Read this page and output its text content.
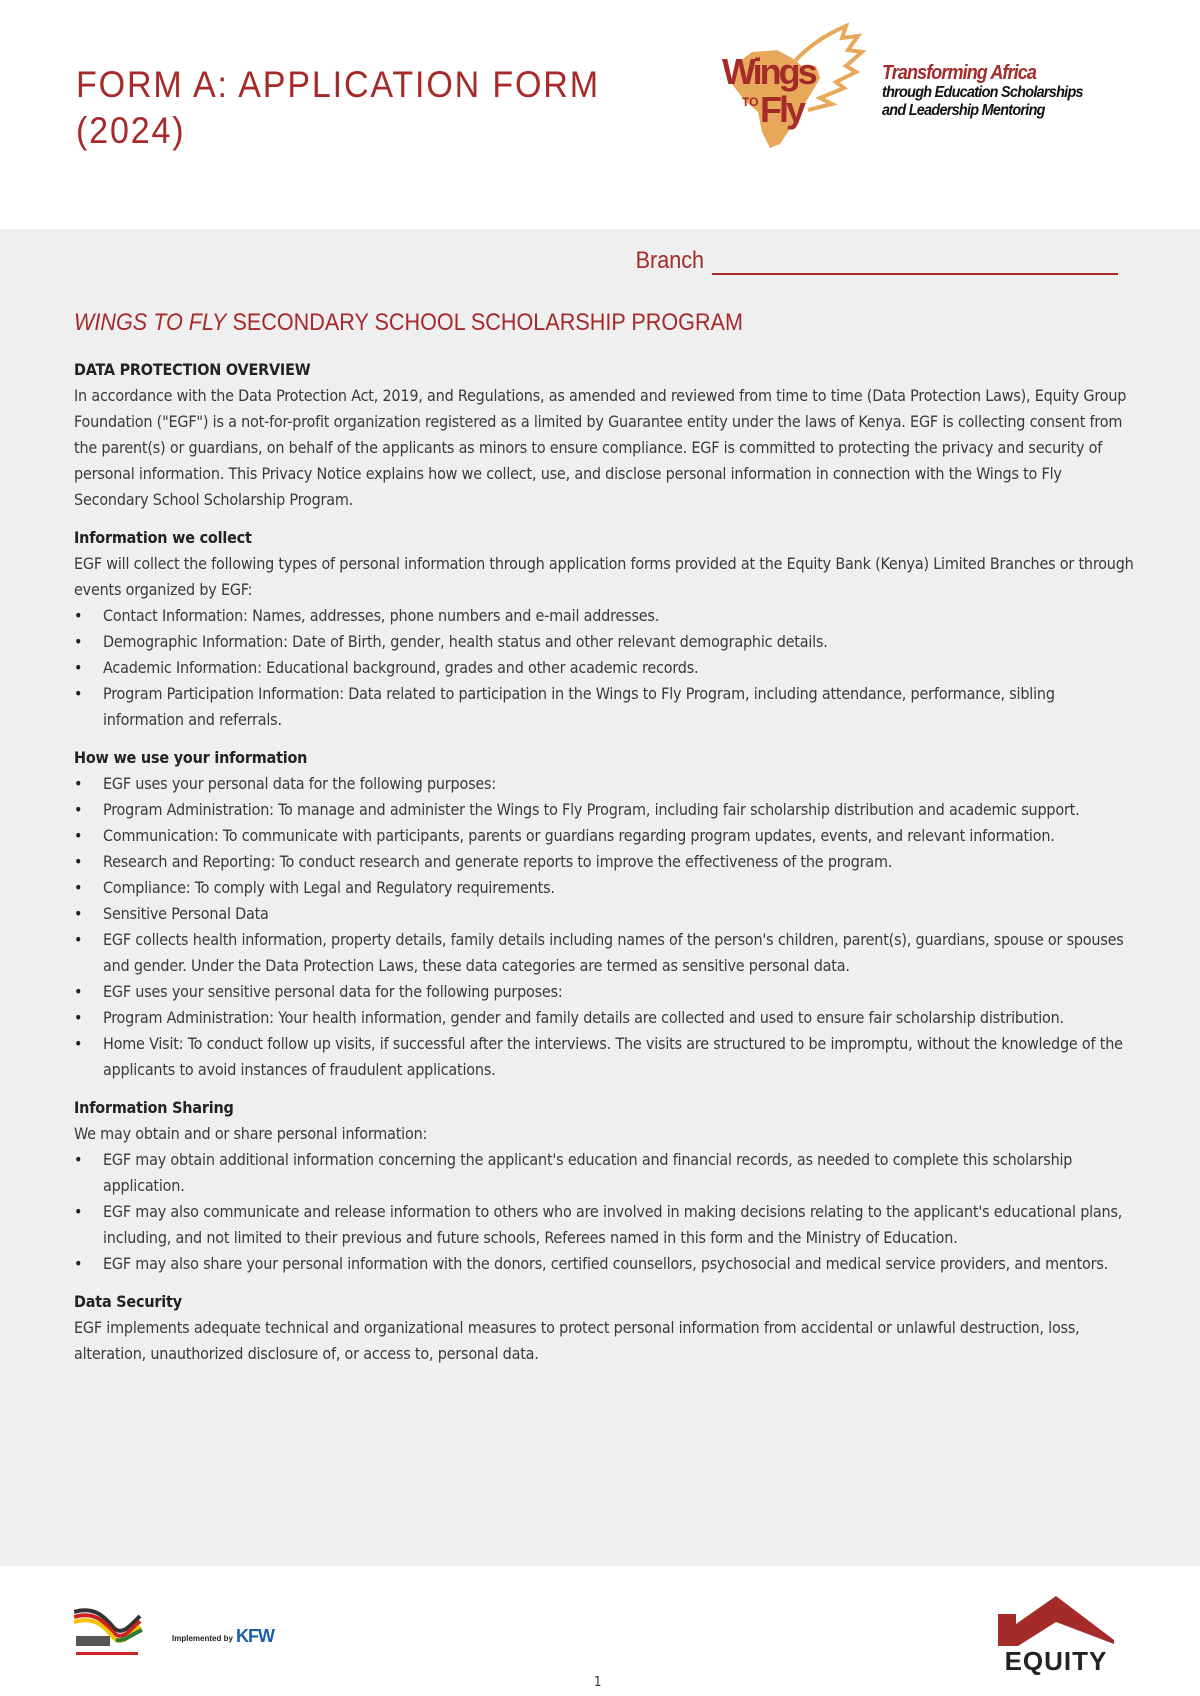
FORM A: APPLICATION FORM
(2024)
Wings
TO Fly
Transforming Africa
through Education Scholarships
and Leadership Mentoring
Branch
WINGS TO FLY SECONDARY SCHOOL SCHOLARSHIP PROGRAM
DATA PROTECTION OVERVIEW
In accordance with the Data Protection Act, 2019, and Regulations, as amended and reviewed from time to time (Data Protection Laws), Equity Group Foundation ("EGF") is a not-for-profit organization registered as a limited by Guarantee entity under the laws of Kenya. EGF is collecting consent from the parent(s) or guardians, on behalf of the applicants as minors to ensure compliance. EGF is committed to protecting the privacy and security of personal information. This Privacy Notice explains how we collect, use, and disclose personal information in connection with the Wings to Fly Secondary School Scholarship Program.
Information we collect
EGF will collect the following types of personal information through application forms provided at the Equity Bank (Kenya) Limited Branches or through events organized by EGF:
• Contact Information: Names, addresses, phone numbers and e-mail addresses.
• Demographic Information: Date of Birth, gender, health status and other relevant demographic details.
• Academic Information: Educational background, grades and other academic records.
• Program Participation Information: Data related to participation in the Wings to Fly Program, including attendance, performance, sibling information and referrals.
How we use your information
• EGF uses your personal data for the following purposes:
• Program Administration: To manage and administer the Wings to Fly Program, including fair scholarship distribution and academic support.
• Communication: To communicate with participants, parents or guardians regarding program updates, events, and relevant information.
• Research and Reporting: To conduct research and generate reports to improve the effectiveness of the program.
• Compliance: To comply with Legal and Regulatory requirements.
• Sensitive Personal Data
• EGF collects health information, property details, family details including names of the person's children, parent(s), guardians, spouse or spouses and gender. Under the Data Protection Laws, these data categories are termed as sensitive personal data.
• EGF uses your sensitive personal data for the following purposes:
• Program Administration: Your health information, gender and family details are collected and used to ensure fair scholarship distribution.
• Home Visit: To conduct follow up visits, if successful after the interviews. The visits are structured to be impromptu, without the knowledge of the applicants to avoid instances of fraudulent applications.
Information Sharing
We may obtain and or share personal information:
• EGF may obtain additional information concerning the applicant's education and financial records, as needed to complete this scholarship application.
• EGF may also communicate and release information to others who are involved in making decisions relating to the applicant's educational plans, including, and not limited to their previous and future schools, Referees named in this form and the Ministry of Education.
• EGF may also share your personal information with the donors, certified counsellors, psychosocial and medical service providers, and mentors.
Data Security
EGF implements adequate technical and organizational measures to protect personal information from accidental or unlawful destruction, loss, alteration, unauthorized disclosure of, or access to, personal data.
Implemented by KFW
EQUITY
1
